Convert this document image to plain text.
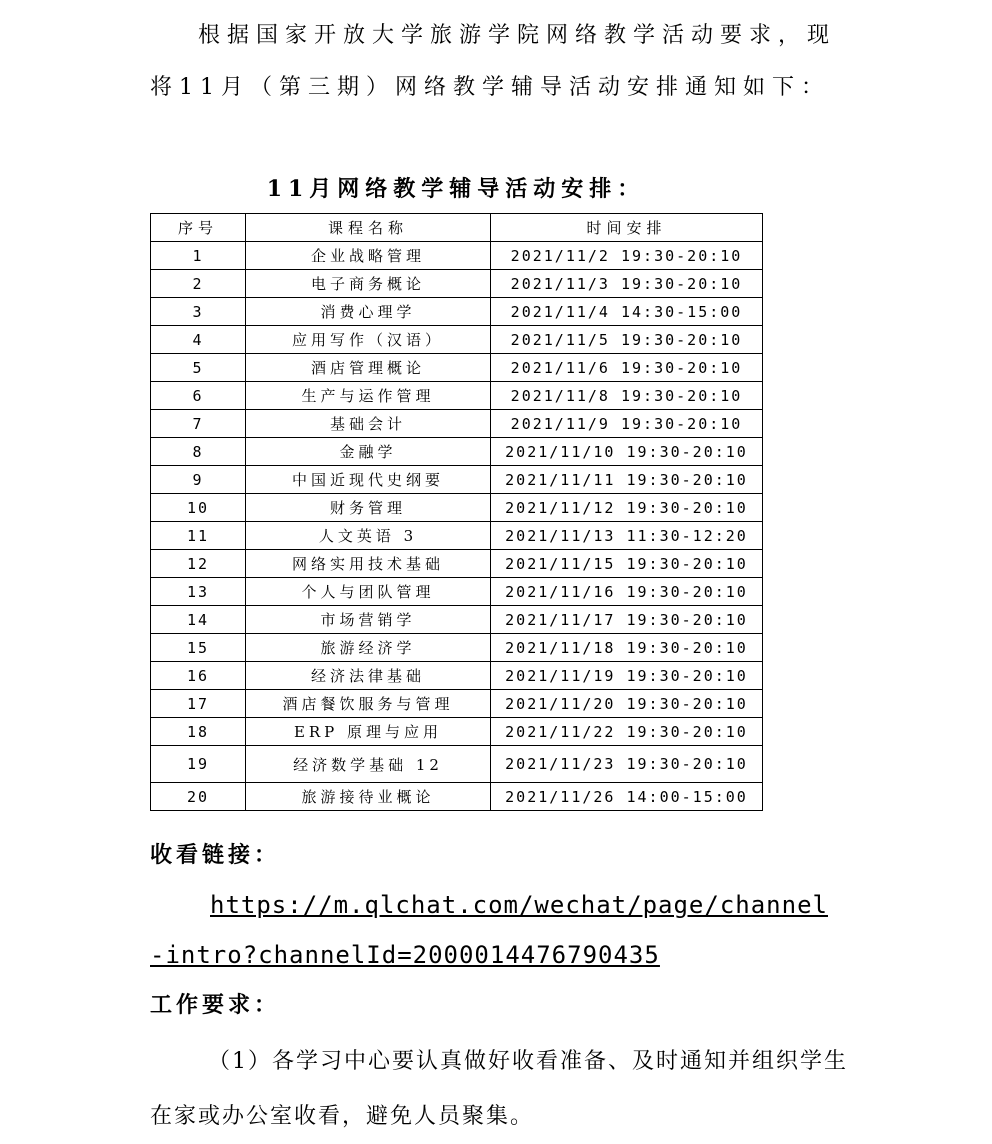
根据国家开放大学旅游学院网络教学活动要求，现将11月（第三期）网络教学辅导活动安排通知如下：

11月网络教学辅导活动安排：

序号	课程名称	时间安排
1	企业战略管理	2021/11/2 19:30-20:10
2	电子商务概论	2021/11/3 19:30-20:10
3	消费心理学	2021/11/4 14:30-15:00
4	应用写作（汉语）	2021/11/5 19:30-20:10
5	酒店管理概论	2021/11/6 19:30-20:10
6	生产与运作管理	2021/11/8 19:30-20:10
7	基础会计	2021/11/9 19:30-20:10
8	金融学	2021/11/10 19:30-20:10
9	中国近现代史纲要	2021/11/11 19:30-20:10
10	财务管理	2021/11/12 19:30-20:10
11	人文英语 3	2021/11/13 11:30-12:20
12	网络实用技术基础	2021/11/15 19:30-20:10
13	个人与团队管理	2021/11/16 19:30-20:10
14	市场营销学	2021/11/17 19:30-20:10
15	旅游经济学	2021/11/18 19:30-20:10
16	经济法律基础	2021/11/19 19:30-20:10
17	酒店餐饮服务与管理	2021/11/20 19:30-20:10
18	ERP 原理与应用	2021/11/22 19:30-20:10
19	经济数学基础 12	2021/11/23 19:30-20:10
20	旅游接待业概论	2021/11/26 14:00-15:00

收看链接：

https://m.qlchat.com/wechat/page/channel-intro?channelId=2000014476790435

工作要求：

（1）各学习中心要认真做好收看准备、及时通知并组织学生在家或办公室收看，避免人员聚集。
